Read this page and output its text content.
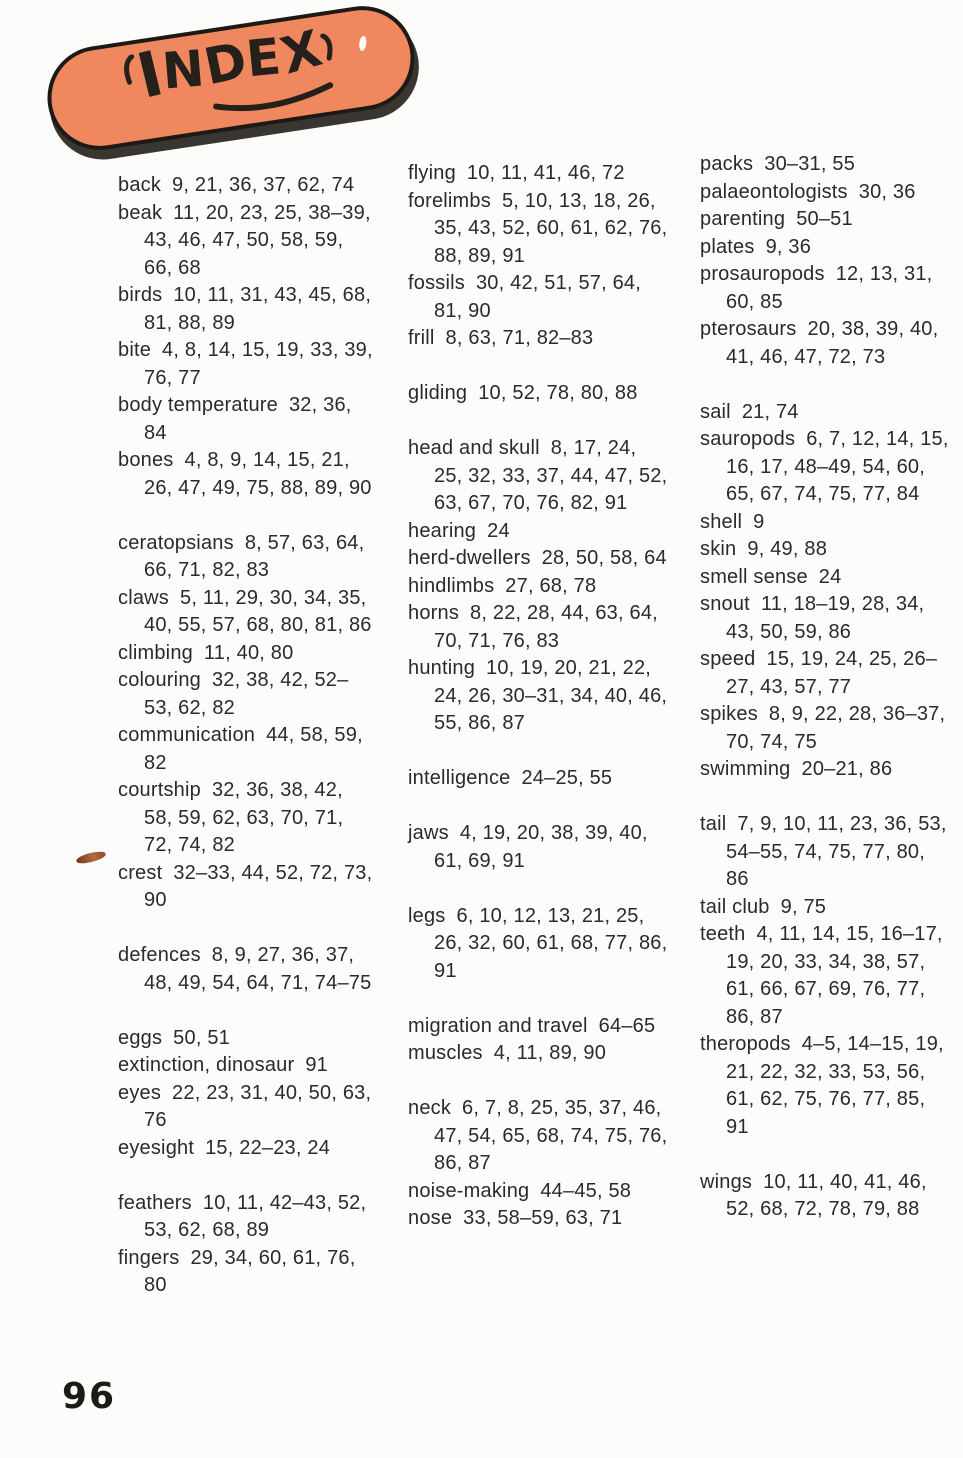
I
N
D
E
X
back 9, 21, 36, 37, 62, 74
beak 11, 20, 23, 25, 38–39, 43, 46, 47, 50, 58, 59, 66, 68
birds 10, 11, 31, 43, 45, 68, 81, 88, 89
bite 4, 8, 14, 15, 19, 33, 39, 76, 77
body temperature 32, 36, 84
bones 4, 8, 9, 14, 15, 21, 26, 47, 49, 75, 88, 89, 90
ceratopsians 8, 57, 63, 64, 66, 71, 82, 83
claws 5, 11, 29, 30, 34, 35, 40, 55, 57, 68, 80, 81, 86
climbing 11, 40, 80
colouring 32, 38, 42, 52–53, 62, 82
communication 44, 58, 59, 82
courtship 32, 36, 38, 42, 58, 59, 62, 63, 70, 71, 72, 74, 82
crest 32–33, 44, 52, 72, 73, 90
defences 8, 9, 27, 36, 37, 48, 49, 54, 64, 71, 74–75
eggs 50, 51
extinction, dinosaur 91
eyes 22, 23, 31, 40, 50, 63, 76
eyesight 15, 22–23, 24
feathers 10, 11, 42–43, 52, 53, 62, 68, 89
fingers 29, 34, 60, 61, 76, 80
flying 10, 11, 41, 46, 72
forelimbs 5, 10, 13, 18, 26, 35, 43, 52, 60, 61, 62, 76, 88, 89, 91
fossils 30, 42, 51, 57, 64, 81, 90
frill 8, 63, 71, 82–83
gliding 10, 52, 78, 80, 88
head and skull 8, 17, 24, 25, 32, 33, 37, 44, 47, 52, 63, 67, 70, 76, 82, 91
hearing 24
herd-dwellers 28, 50, 58, 64
hindlimbs 27, 68, 78
horns 8, 22, 28, 44, 63, 64, 70, 71, 76, 83
hunting 10, 19, 20, 21, 22, 24, 26, 30–31, 34, 40, 46, 55, 86, 87
intelligence 24–25, 55
jaws 4, 19, 20, 38, 39, 40, 61, 69, 91
legs 6, 10, 12, 13, 21, 25, 26, 32, 60, 61, 68, 77, 86, 91
migration and travel 64–65
muscles 4, 11, 89, 90
neck 6, 7, 8, 25, 35, 37, 46, 47, 54, 65, 68, 74, 75, 76, 86, 87
noise-making 44–45, 58
nose 33, 58–59, 63, 71
packs 30–31, 55
palaeontologists 30, 36
parenting 50–51
plates 9, 36
prosauropods 12, 13, 31, 60, 85
pterosaurs 20, 38, 39, 40, 41, 46, 47, 72, 73
sail 21, 74
sauropods 6, 7, 12, 14, 15, 16, 17, 48–49, 54, 60, 65, 67, 74, 75, 77, 84
shell 9
skin 9, 49, 88
smell sense 24
snout 11, 18–19, 28, 34, 43, 50, 59, 86
speed 15, 19, 24, 25, 26–27, 43, 57, 77
spikes 8, 9, 22, 28, 36–37, 70, 74, 75
swimming 20–21, 86
tail 7, 9, 10, 11, 23, 36, 53, 54–55, 74, 75, 77, 80, 86
tail club 9, 75
teeth 4, 11, 14, 15, 16–17, 19, 20, 33, 34, 38, 57, 61, 66, 67, 69, 76, 77, 86, 87
theropods 4–5, 14–15, 19, 21, 22, 32, 33, 53, 56, 61, 62, 75, 76, 77, 85, 91
wings 10, 11, 40, 41, 46, 52, 68, 72, 78, 79, 88
96
